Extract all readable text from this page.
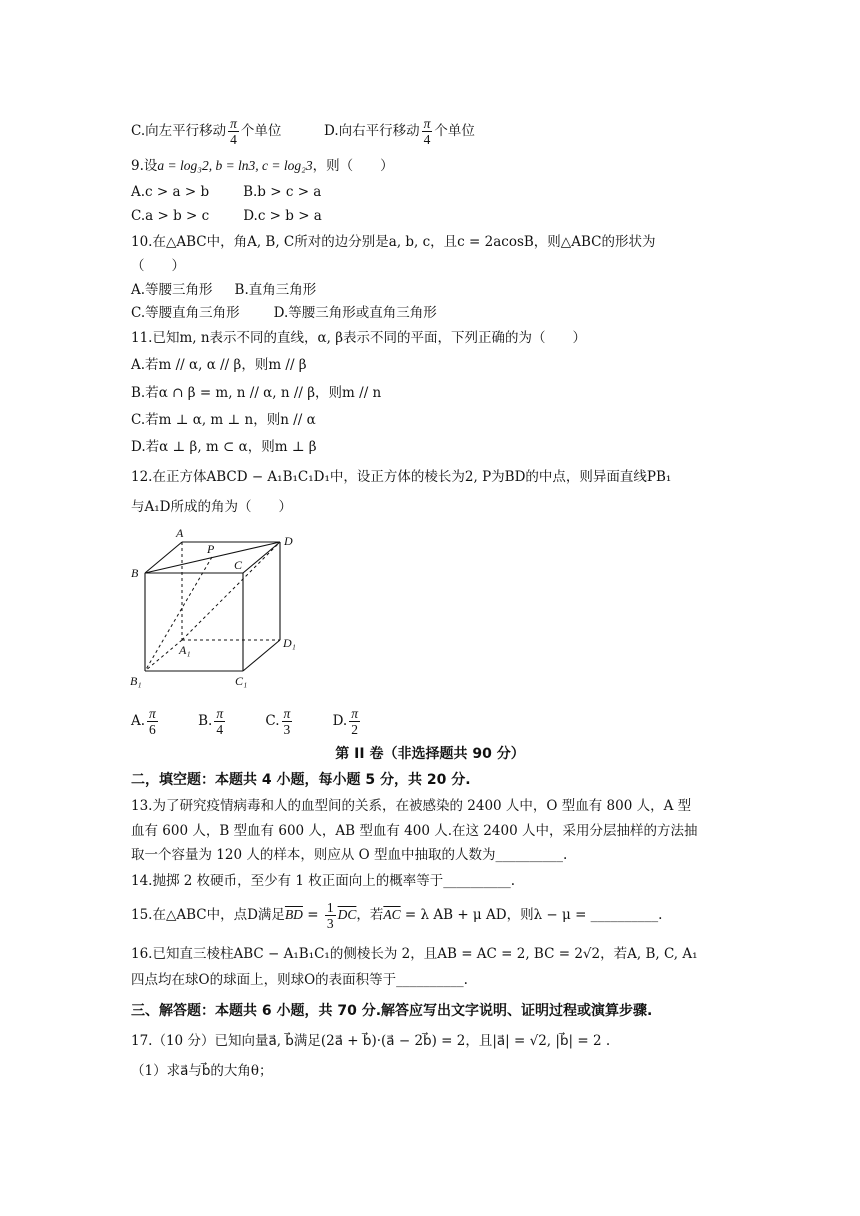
C.向左平行移动 $\frac{\pi}{4}$ 个单位	D.向右平行移动 $\frac{\pi}{4}$ 个单位
9.设a = log₃2, b = ln3, c = log₂3，则（　　）
A.c > a > b	B.b > c > a
C.a > b > c	D.c > b > a
10.在△ABC中，角A, B, C所对的边分别是a, b, c，且c = 2acosB，则△ABC的形状为
（　　）
A.等腰三角形 B.直角三角形
C.等腰直角三角形	D.等腰三角形或直角三角形
11.已知m, n表示不同的直线，α, β表示不同的平面，下列正确的为（　　）
A.若m // α, α // β，则m // β
B.若α ∩ β = m, n // α, n // β，则m // n
C.若m ⊥ α, m ⊥ n，则n // α
D.若α ⊥ β, m ⊂ α，则m ⊥ β
12.在正方体ABCD − A₁B₁C₁D₁中，设正方体的棱长为2, P为BD的中点，则异面直线PB₁
与A₁D所成的角为（　　）
A
P
D
B
C
A₁	D₁
B₁	C₁
A. $\frac{\pi}{6}$	B. $\frac{\pi}{4}$	C. $\frac{\pi}{3}$	D. $\frac{\pi}{2}$
第 II 卷（非选择题共 90 分）
二，填空题：本题共 4 小题，每小题 5 分，共 20 分.
13.为了研究疫情病毒和人的血型间的关系，在被感染的 2400 人中，O 型血有 800 人，A 型
血有 600 人，B 型血有 600 人，AB 型血有 400 人.在这 2400 人中，采用分层抽样的方法抽
取一个容量为 120 人的样本，则应从 O 型血中抽取的人数为__________.
14.抛掷 2 枚硬币，至少有 1 枚正面向上的概率等于__________.
15.在△ABC中，点D满足$\overline{BD} = \frac{1}{3} \overline{DC}$，若$\overline{AC} = \lambda$ AB + μ AD，则λ − μ = __________.
16.已知直三棱柱ABC − A₁B₁C₁的侧棱长为 2，且AB = AC = 2, BC = 2√2，若A, B, C, A₁
四点均在球O的球面上，则球O的表面积等于__________.
三、解答题：本题共 6 小题，共 70 分.解答应写出文字说明、证明过程或演算步骤.
17.（10 分）已知向量a⃗, b⃗满足(2a⃗ + b⃗)·(a⃗ − 2b⃗) = 2，且|a⃗| = √2, |b⃗| = 2 .
（1）求a⃗与b⃗的大角θ；
